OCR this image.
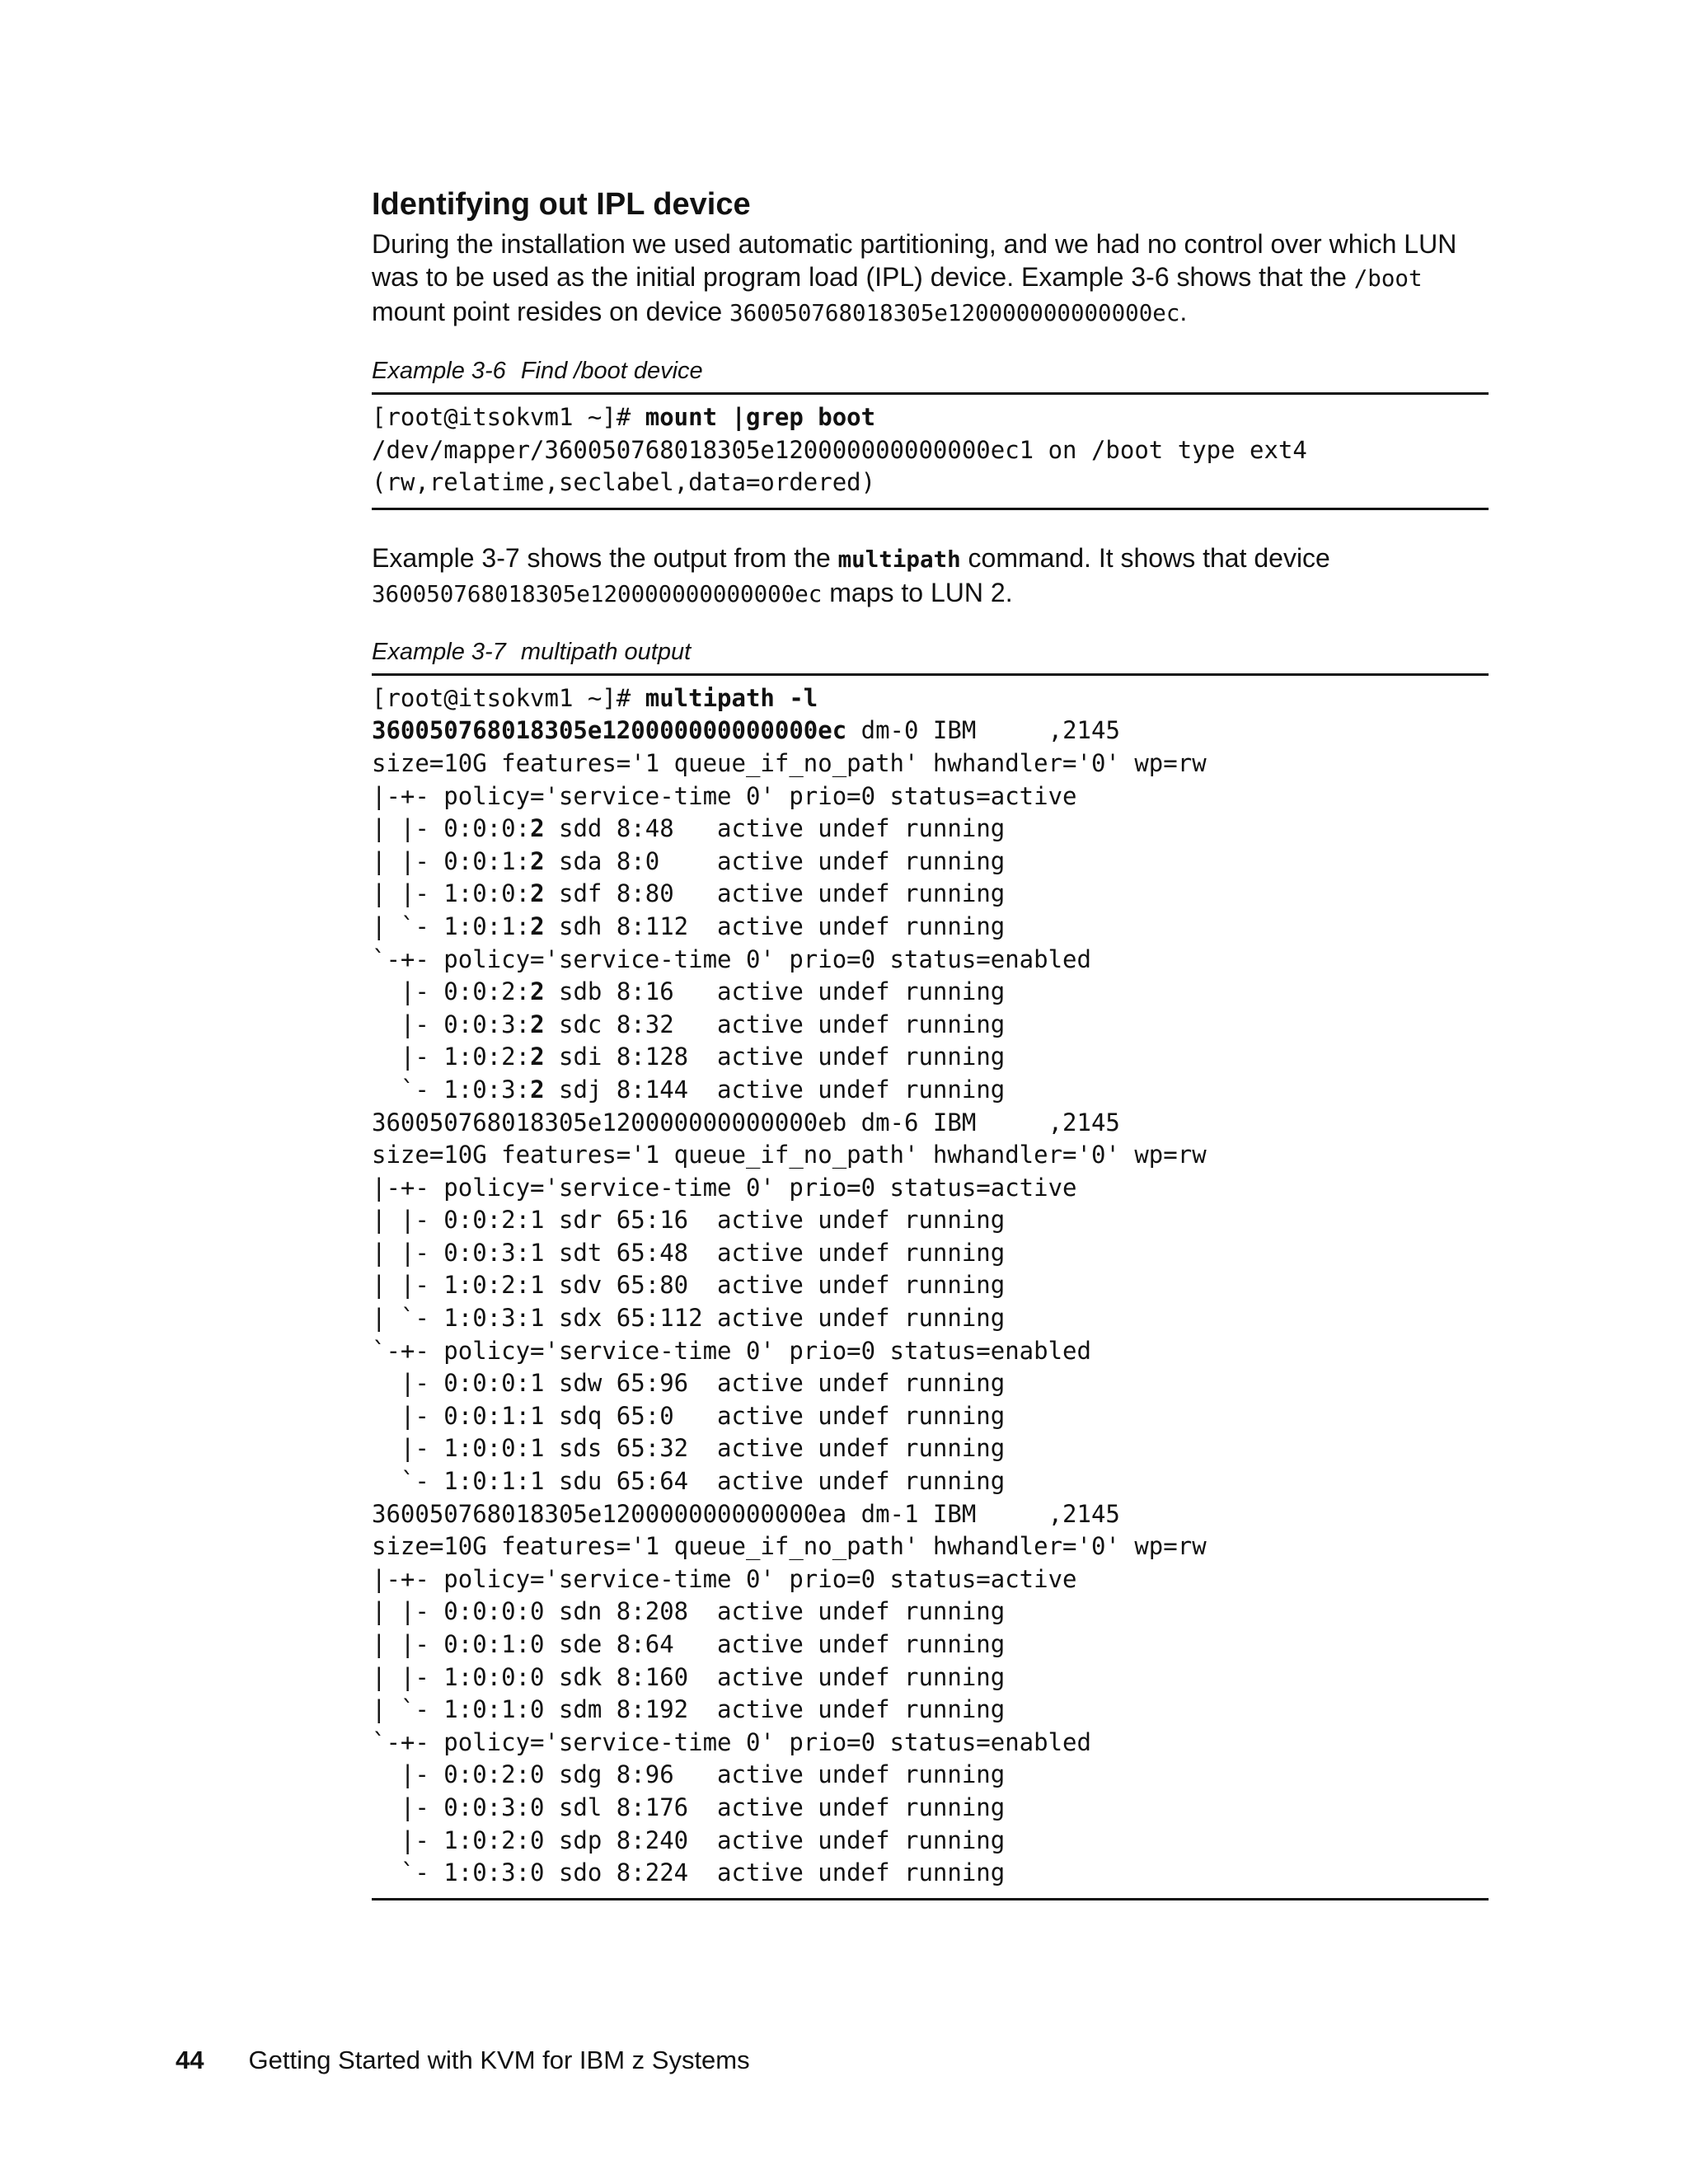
Identifying out IPL device

During the installation we used automatic partitioning, and we had no control over which LUN was to be used as the initial program load (IPL) device. Example 3-6 shows that the /boot mount point resides on device 360050768018305e120000000000000ec.

Example 3-6 Find /boot device
[root@itsokvm1 ~]# mount |grep boot
/dev/mapper/360050768018305e120000000000000ec1 on /boot type ext4
(rw,relatime,seclabel,data=ordered)

Example 3-7 shows the output from the multipath command. It shows that device 360050768018305e120000000000000ec maps to LUN 2.

Example 3-7 multipath output
[root@itsokvm1 ~]# multipath -l
360050768018305e120000000000000ec dm-0 IBM     ,2145
size=10G features='1 queue_if_no_path' hwhandler='0' wp=rw
|-+- policy='service-time 0' prio=0 status=active
| |- 0:0:0:2 sdd 8:48   active undef running
| |- 0:0:1:2 sda 8:0    active undef running
| |- 1:0:0:2 sdf 8:80   active undef running
| `- 1:0:1:2 sdh 8:112  active undef running
`-+- policy='service-time 0' prio=0 status=enabled
|- 0:0:2:2 sdb 8:16   active undef running
|- 0:0:3:2 sdc 8:32   active undef running
|- 1:0:2:2 sdi 8:128  active undef running
`- 1:0:3:2 sdj 8:144  active undef running
360050768018305e120000000000000eb dm-6 IBM     ,2145
size=10G features='1 queue_if_no_path' hwhandler='0' wp=rw
|-+- policy='service-time 0' prio=0 status=active
| |- 0:0:2:1 sdr 65:16  active undef running
| |- 0:0:3:1 sdt 65:48  active undef running
| |- 1:0:2:1 sdv 65:80  active undef running
| `- 1:0:3:1 sdx 65:112 active undef running
`-+- policy='service-time 0' prio=0 status=enabled
|- 0:0:0:1 sdw 65:96  active undef running
|- 0:0:1:1 sdq 65:0   active undef running
|- 1:0:0:1 sds 65:32  active undef running
`- 1:0:1:1 sdu 65:64  active undef running
360050768018305e120000000000000ea dm-1 IBM     ,2145
size=10G features='1 queue_if_no_path' hwhandler='0' wp=rw
|-+- policy='service-time 0' prio=0 status=active
| |- 0:0:0:0 sdn 8:208  active undef running
| |- 0:0:1:0 sde 8:64   active undef running
| |- 1:0:0:0 sdk 8:160  active undef running
| `- 1:0:1:0 sdm 8:192  active undef running
`-+- policy='service-time 0' prio=0 status=enabled
|- 0:0:2:0 sdg 8:96   active undef running
|- 0:0:3:0 sdl 8:176  active undef running
|- 1:0:2:0 sdp 8:240  active undef running
`- 1:0:3:0 sdo 8:224  active undef running
44 Getting Started with KVM for IBM z Systems
